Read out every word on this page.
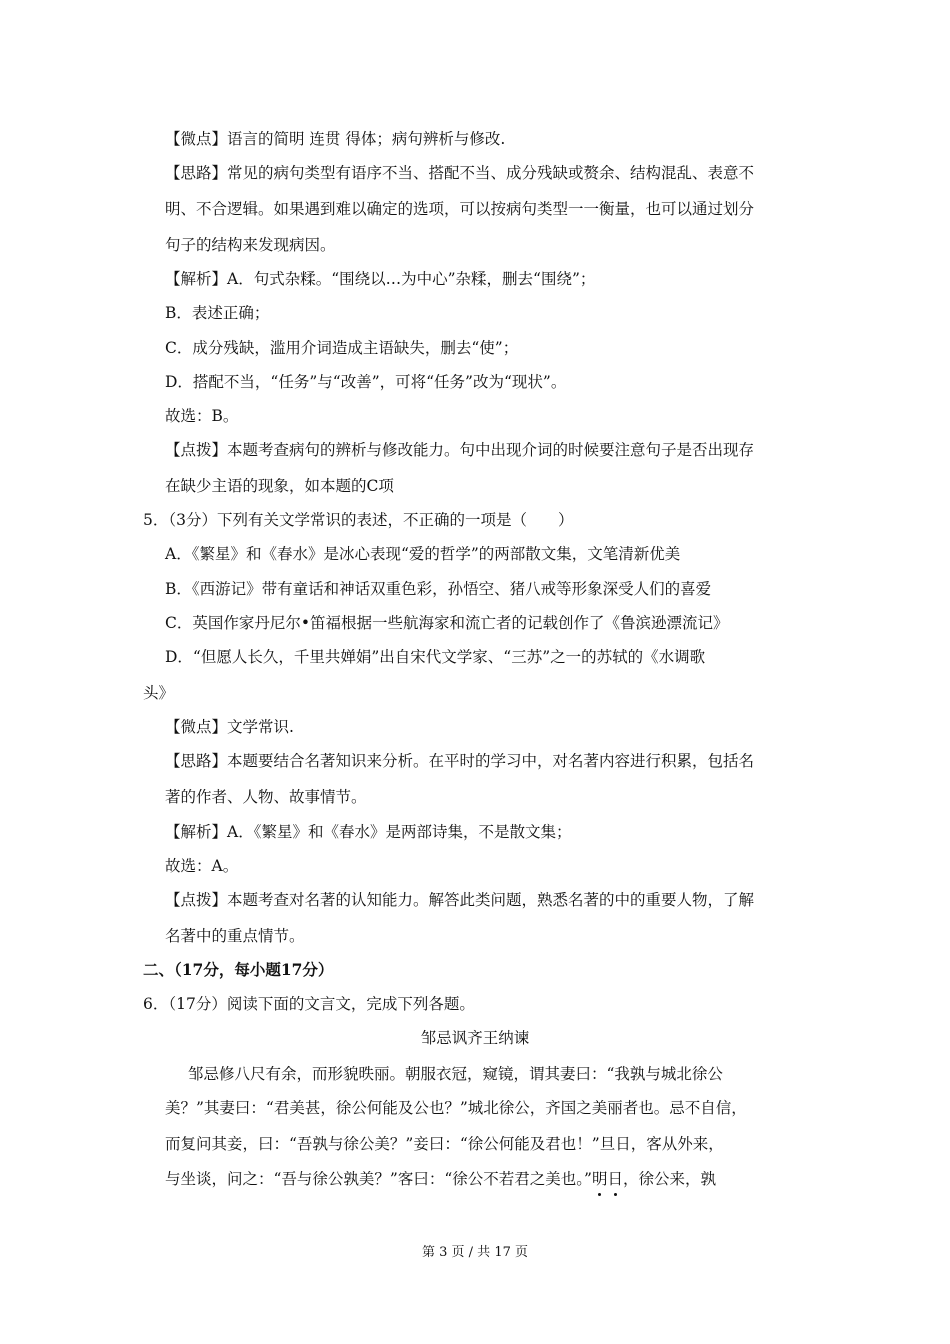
【微点】语言的简明 连贯 得体；病句辨析与修改.
【思路】常见的病句类型有语序不当、搭配不当、成分残缺或赘余、结构混乱、表意不
明、不合逻辑。如果遇到难以确定的选项，可以按病句类型一一衡量，也可以通过划分
句子的结构来发现病因。
【解析】A．句式杂糅。“围绕以…为中心”杂糅，删去“围绕”；
B．表述正确；
C．成分残缺，滥用介词造成主语缺失，删去“使”；
D．搭配不当，“任务”与“改善”，可将“任务”改为“现状”。
故选：B。
【点拨】本题考查病句的辨析与修改能力。句中出现介词的时候要注意句子是否出现存
在缺少主语的现象，如本题的C项
5．（3分）下列有关文学常识的表述，不正确的一项是（　　）
A．《繁星》和《春水》是冰心表现“爱的哲学”的两部散文集，文笔清新优美
B．《西游记》带有童话和神话双重色彩，孙悟空、猪八戒等形象深受人们的喜爱
C．英国作家丹尼尔•笛福根据一些航海家和流亡者的记载创作了《鲁滨逊漂流记》
D．“但愿人长久，千里共婵娟”出自宋代文学家、“三苏”之一的苏轼的《水调歌
头》
【微点】文学常识.
【思路】本题要结合名著知识来分析。在平时的学习中，对名著内容进行积累，包括名
著的作者、人物、故事情节。
【解析】A．《繁星》和《春水》是两部诗集，不是散文集；
故选：A。
【点拨】本题考查对名著的认知能力。解答此类问题，熟悉名著的中的重要人物，了解
名著中的重点情节。
二、（17分，每小题17分）
6．（17分）阅读下面的文言文，完成下列各题。
邹忌讽齐王纳谏
邹忌修八尺有余，而形貌昳丽。朝服衣冠，窥镜，谓其妻曰：“我孰与城北徐公
美？”其妻曰：“君美甚，徐公何能及公也？”城北徐公，齐国之美丽者也。忌不自信，
而复问其妾，曰：“吾孰与徐公美？”妾曰：“徐公何能及君也！”旦日，客从外来，
与坐谈，问之：“吾与徐公孰美？”客曰：“徐公不若君之美也。”明日，徐公来，孰
第 3 页 / 共 17 页
